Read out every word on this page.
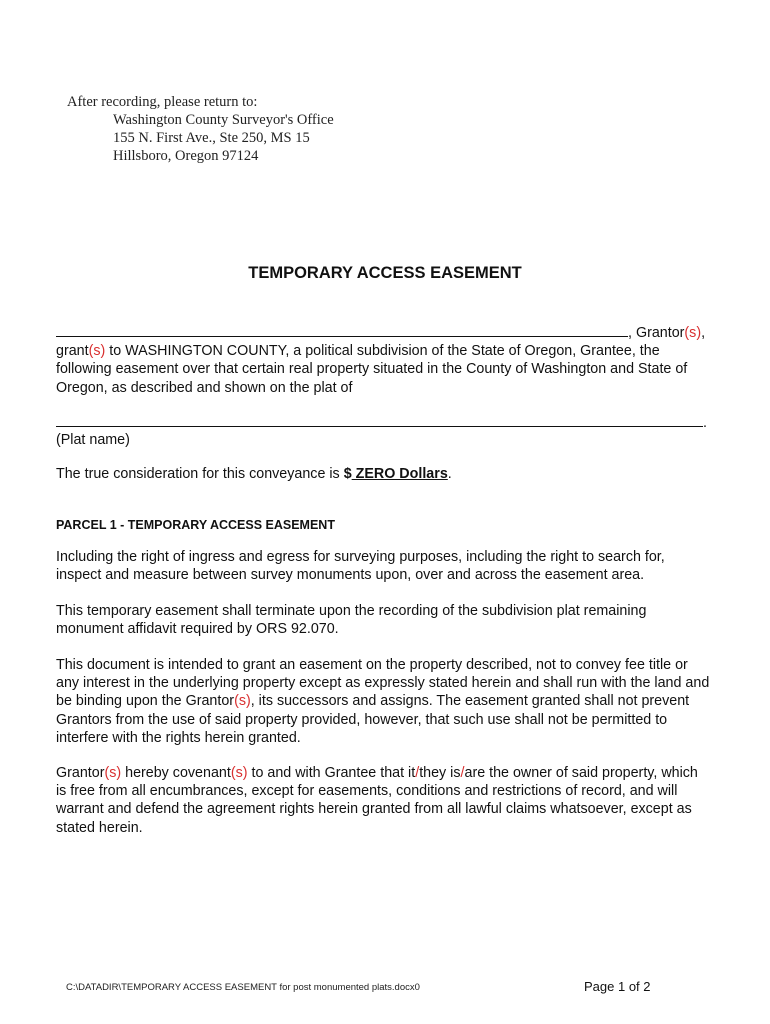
After recording, please return to:
Washington County Surveyor's Office
155 N. First Ave., Ste 250, MS 15
Hillsboro, Oregon 97124
TEMPORARY ACCESS EASEMENT
, Grantor(s),
grant(s) to WASHINGTON COUNTY, a political subdivision of the State of Oregon, Grantee, the following easement over that certain real property situated in the County of Washington and State of Oregon, as described and shown on the plat of
.
(Plat name)
The true consideration for this conveyance is $ ZERO Dollars.
PARCEL 1 - TEMPORARY ACCESS EASEMENT
Including the right of ingress and egress for surveying purposes, including the right to search for, inspect and measure between survey monuments upon, over and across the easement area.
This temporary easement shall terminate upon the recording of the subdivision plat remaining monument affidavit required by ORS 92.070.
This document is intended to grant an easement on the property described, not to convey fee title or any interest in the underlying property except as expressly stated herein and shall run with the land and be binding upon the Grantor(s), its successors and assigns. The easement granted shall not prevent Grantors from the use of said property provided, however, that such use shall not be permitted to interfere with the rights herein granted.
Grantor(s) hereby covenant(s) to and with Grantee that it/they is/are the owner of said property, which is free from all encumbrances, except for easements, conditions and restrictions of record, and will warrant and defend the agreement rights herein granted from all lawful claims whatsoever, except as stated herein.
C:\DATADIR\TEMPORARY ACCESS EASEMENT for post monumented plats.docx0	Page 1 of 2
